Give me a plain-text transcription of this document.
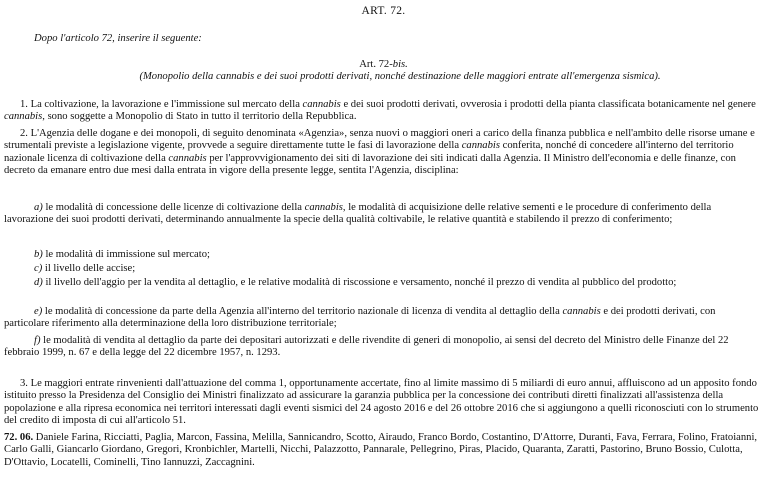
ART. 72.
Dopo l'articolo 72, inserire il seguente:
Art. 72-bis.
(Monopolio della cannabis e dei suoi prodotti derivati, nonché destinazione delle maggiori entrate all'emergenza sismica).

1. La coltivazione, la lavorazione e l'immissione sul mercato della cannabis e dei suoi prodotti derivati, ovverosia i prodotti della pianta classificata botanicamente nel genere cannabis, sono soggette a Monopolio di Stato in tutto il territorio della Repubblica.

2. L'Agenzia delle dogane e dei monopoli, di seguito denominata «Agenzia», senza nuovi o maggiori oneri a carico della finanza pubblica e nell'ambito delle risorse umane e strumentali previste a legislazione vigente, provvede a seguire direttamente tutte le fasi di lavorazione della cannabis conferita, nonché di concedere all'interno del territorio nazionale licenza di coltivazione della cannabis per l'approvvigionamento dei siti di lavorazione dei siti indicati dalla Agenzia. Il Ministro dell'economia e delle finanze, con decreto da emanare entro due mesi dalla entrata in vigore della presente legge, sentita l'Agenzia, disciplina:

a) le modalità di concessione delle licenze di coltivazione della cannabis, le modalità di acquisizione delle relative sementi e le procedure di conferimento della lavorazione dei suoi prodotti derivati, determinando annualmente la specie della qualità coltivabile, le relative quantità e stabilendo il prezzo di conferimento;

b) le modalità di immissione sul mercato;

c) il livello delle accise;

d) il livello dell'aggio per la vendita al dettaglio, e le relative modalità di riscossione e versamento, nonché il prezzo di vendita al pubblico del prodotto;

e) le modalità di concessione da parte della Agenzia all'interno del territorio nazionale di licenza di vendita al dettaglio della cannabis e dei prodotti derivati, con particolare riferimento alla determinazione della loro distribuzione territoriale;

f) le modalità di vendita al dettaglio da parte dei depositari autorizzati e delle rivendite di generi di monopolio, ai sensi del decreto del Ministro delle Finanze del 22 febbraio 1999, n. 67 e della legge del 22 dicembre 1957, n. 1293.

3. Le maggiori entrate rinvenienti dall'attuazione del comma 1, opportunamente accertate, fino al limite massimo di 5 miliardi di euro annui, affluiscono ad un apposito fondo istituito presso la Presidenza del Consiglio dei Ministri finalizzato ad assicurare la garanzia pubblica per la concessione dei contributi diretti finalizzati all'assistenza della popolazione e alla ripresa economica nei territori interessati dagli eventi sismici del 24 agosto 2016 e del 26 ottobre 2016 che si aggiungono a quelli riconosciuti con lo strumento del credito di imposta di cui all'articolo 51.

72. 06. Daniele Farina, Ricciatti, Paglia, Marcon, Fassina, Melilla, Sannicandro, Scotto, Airaudo, Franco Bordo, Costantino, D'Attorre, Duranti, Fava, Ferrara, Folino, Fratoianni, Carlo Galli, Giancarlo Giordano, Gregori, Kronbichler, Martelli, Nicchi, Palazzotto, Pannarale, Pellegrino, Piras, Placido, Quaranta, Zaratti, Pastorino, Bruno Bossio, Culotta, D'Ottavio, Locatelli, Cominelli, Tino Iannuzzi, Zaccagnini.
